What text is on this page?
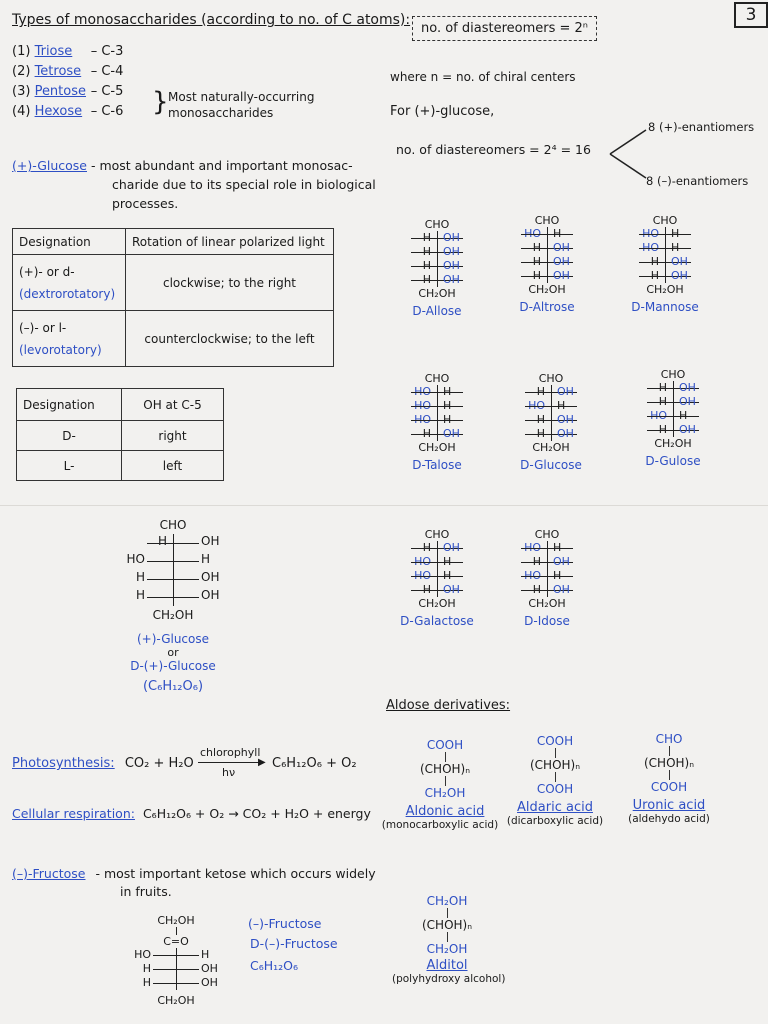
3
Types of monosaccharides (according to no. of C atoms):
(1) Triose – C-3
(2) Tetrose – C-4
(3) Pentose – C-5
(4) Hexose – C-6 } Most naturally-occurring
monosaccharides
(+)-Glucose - most abundant and important monosac-
charide due to its special role in biological
processes.
Designation	Rotation of linear polarized light

(+)- or d-
(dextrorotatory)	clockwise; to the right

(–)- or l-
(levorotatory)	counterclockwise; to the left
Designation	OH at C-5
D-	right
L-	left
no. of diastereomers = 2ⁿ
where n = no. of chiral centers
For (+)-glucose,
no. of diastereomers = 2⁴ = 16
8 (+)-enantiomers
8 (–)-enantiomers
CHO
H OH
H OH
H OH
H OH
CH₂OH
D-Allose
CHO
HO H
H OH
H OH
H OH
CH₂OH
D-Altrose
CHO
HO H
HO H
H OH
H OH
CH₂OH
D-Mannose
CHO
HO H
HO H
HO H
H OH
CH₂OH
D-Talose
CHO
H OH
HO H
H OH
H OH
CH₂OH
D-Glucose
CHO
H OH
H OH
HO H
H OH
CH₂OH
D-Gulose
CHO
H OH
HO H
HO H
H OH
CH₂OH
D-Galactose
CHO
HO H
H OH
HO H
H OH
CH₂OH
D-Idose
CHO
H	OH
HO	H
H	OH
H	OH
CH₂OH
(+)-Glucose
or
D-(+)-Glucose
(C₆H₁₂O₆)
Photosynthesis: CO₂ + H₂O
chlorophyll
▶
hν
C₆H₁₂O₆ + O₂
Cellular respiration: C₆H₁₂O₆ + O₂ → CO₂ + H₂O + energy
(–)-Fructose - most important ketose which occurs widely
in fruits.
CH₂OH
C=O
HO	H
H	OH
H	OH
CH₂OH
(–)-Fructose
D-(–)-Fructose
C₆H₁₂O₆
Aldose derivatives:
COOH
(CHOH)ₙ
CH₂OH
Aldonic acid
(monocarboxylic acid)
COOH
(CHOH)ₙ
COOH
Aldaric acid
(dicarboxylic acid)
CHO
(CHOH)ₙ
COOH
Uronic acid
(aldehydo acid)
CH₂OH
(CHOH)ₙ
CH₂OH
Alditol
(polyhydroxy alcohol)
